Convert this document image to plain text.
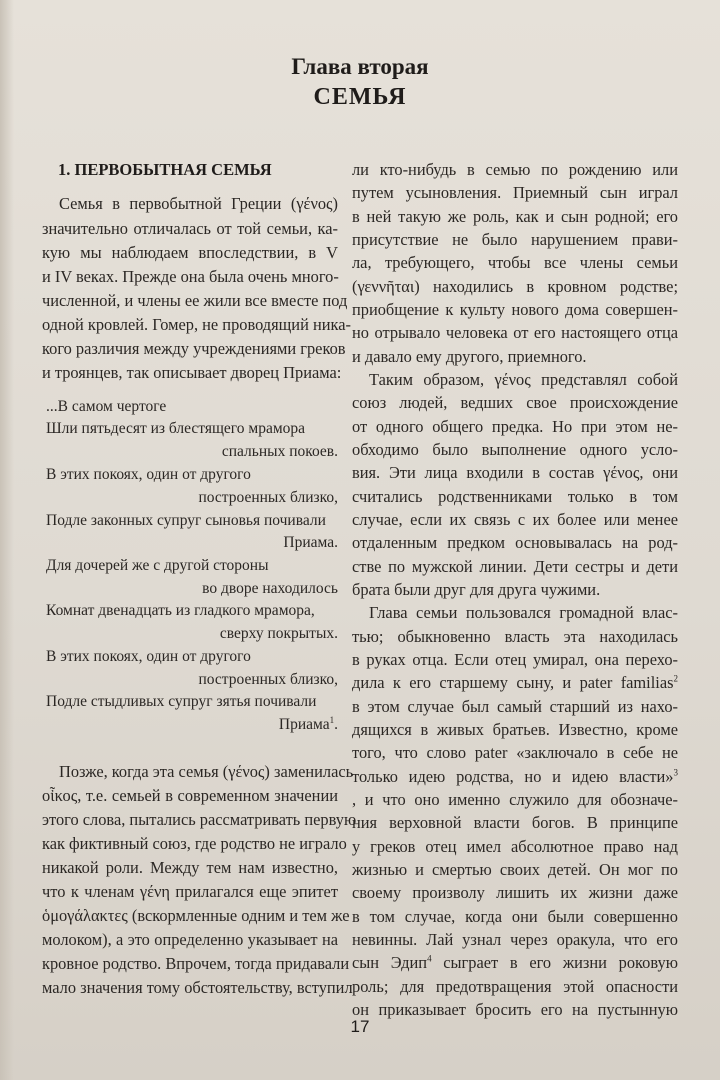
Глава вторая
СЕМЬЯ
1. ПЕРВОБЫТНАЯ СЕМЬЯ
Семья в первобытной Греции (γένος)
значительно отличалась от той семьи, ка-
кую мы наблюдаем впоследствии, в V
и IV веках. Прежде она была очень много-
численной, и члены ее жили все вместе под
одной кровлей. Гомер, не проводящий ника-
кого различия между учреждениями греков
и троянцев, так описывает дворец Приама:
...В самом чертоге
Шли пятьдесят из блестящего мрамора
спальных покоев.
В этих покоях, один от другого
построенных близко,
Подле законных супруг сыновья почивали
Приама.
Для дочерей же с другой стороны
во дворе находилось
Комнат двенадцать из гладкого мрамора,
сверху покрытых.
В этих покоях, один от другого
построенных близко,
Подле стыдливых супруг зятья почивали
Приама$^1$.
Позже, когда эта семья (γένος) заменилась
οἶκος, т.е. семьей в современном значении
этого слова, пытались рассматривать первую
как фиктивный союз, где родство не играло
никакой роли. Между тем нам известно,
что к членам γένη прилагался еще эпитет
ὁμογάλακτες (вскормленные одним и тем же
молоком), а это определенно указывает на
кровное родство. Впрочем, тогда придавали
мало значения тому обстоятельству, вступил
ли кто-нибудь в семью по рождению или
путем усыновления. Приемный сын играл
в ней такую же роль, как и сын родной; его
присутствие не было нарушением прави-
ла, требующего, чтобы все члены семьи
(γεννῆται) находились в кровном родстве;
приобщение к культу нового дома совершен-
но отрывало человека от его настоящего отца
и давало ему другого, приемного.
Таким образом, γένος представлял собой
союз людей, ведших свое происхождение
от одного общего предка. Но при этом не-
обходимо было выполнение одного усло-
вия. Эти лица входили в состав γένος, они
считались родственниками только в том
случае, если их связь с их более или менее
отдаленным предком основывалась на род-
стве по мужской линии. Дети сестры и дети
брата были друг для друга чужими.
Глава семьи пользовался громадной влас-
тью; обыкновенно власть эта находилась
в руках отца. Если отец умирал, она перехо-
дила к его старшему сыну, и pater familias$^2$
в этом случае был самый старший из нахо-
дящихся в живых братьев. Известно, кроме
того, что слово pater «заключало в себе не
только идею родства, но и идею власти»$^3$
, и что оно именно служило для обозначе-
ния верховной власти богов. В принципе
у греков отец имел абсолютное право над
жизнью и смертью своих детей. Он мог по
своему произволу лишить их жизни даже
в том случае, когда они были совершенно
невинны. Лай узнал через оракула, что его
сын Эдип$^4$ сыграет в его жизни роковую
роль; для предотвращения этой опасности
он приказывает бросить его на пустынную
17
